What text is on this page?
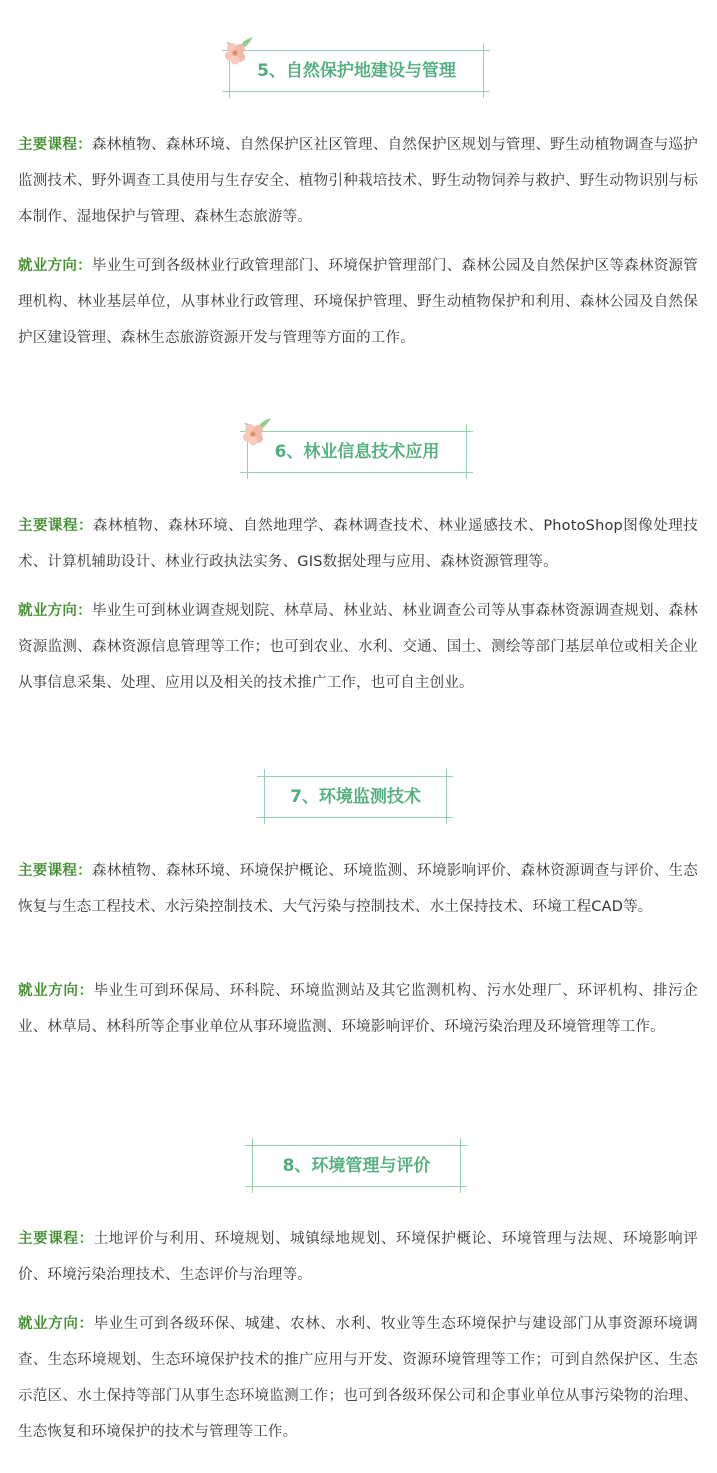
5、自然保护地建设与管理

主要课程：森林植物、森林环境、自然保护区社区管理、自然保护区规划与管理、野生动植物调查与巡护监测技术、野外调查工具使用与生存安全、植物引种栽培技术、野生动物饲养与救护、野生动物识别与标本制作、湿地保护与管理、森林生态旅游等。

就业方向：毕业生可到各级林业行政管理部门、环境保护管理部门、森林公园及自然保护区等森林资源管理机构、林业基层单位，从事林业行政管理、环境保护管理、野生动植物保护和利用、森林公园及自然保护区建设管理、森林生态旅游资源开发与管理等方面的工作。

6、林业信息技术应用

主要课程：森林植物、森林环境、自然地理学、森林调查技术、林业遥感技术、PhotoShop图像处理技术、计算机辅助设计、林业行政执法实务、GIS数据处理与应用、森林资源管理等。

就业方向：毕业生可到林业调查规划院、林草局、林业站、林业调查公司等从事森林资源调查规划、森林资源监测、森林资源信息管理等工作；也可到农业、水利、交通、国土、测绘等部门基层单位或相关企业从事信息采集、处理、应用以及相关的技术推广工作，也可自主创业。

7、环境监测技术

主要课程：森林植物、森林环境、环境保护概论、环境监测、环境影响评价、森林资源调查与评价、生态恢复与生态工程技术、水污染控制技术、大气污染与控制技术、水土保持技术、环境工程CAD等。

就业方向：毕业生可到环保局、环科院、环境监测站及其它监测机构、污水处理厂、环评机构、排污企业、林草局、林科所等企事业单位从事环境监测、环境影响评价、环境污染治理及环境管理等工作。

8、环境管理与评价

主要课程：土地评价与利用、环境规划、城镇绿地规划、环境保护概论、环境管理与法规、环境影响评价、环境污染治理技术、生态评价与治理等。

就业方向：毕业生可到各级环保、城建、农林、水利、牧业等生态环境保护与建设部门从事资源环境调查、生态环境规划、生态环境保护技术的推广应用与开发、资源环境管理等工作；可到自然保护区、生态示范区、水土保持等部门从事生态环境监测工作；也可到各级环保公司和企事业单位从事污染物的治理、生态恢复和环境保护的技术与管理等工作。
